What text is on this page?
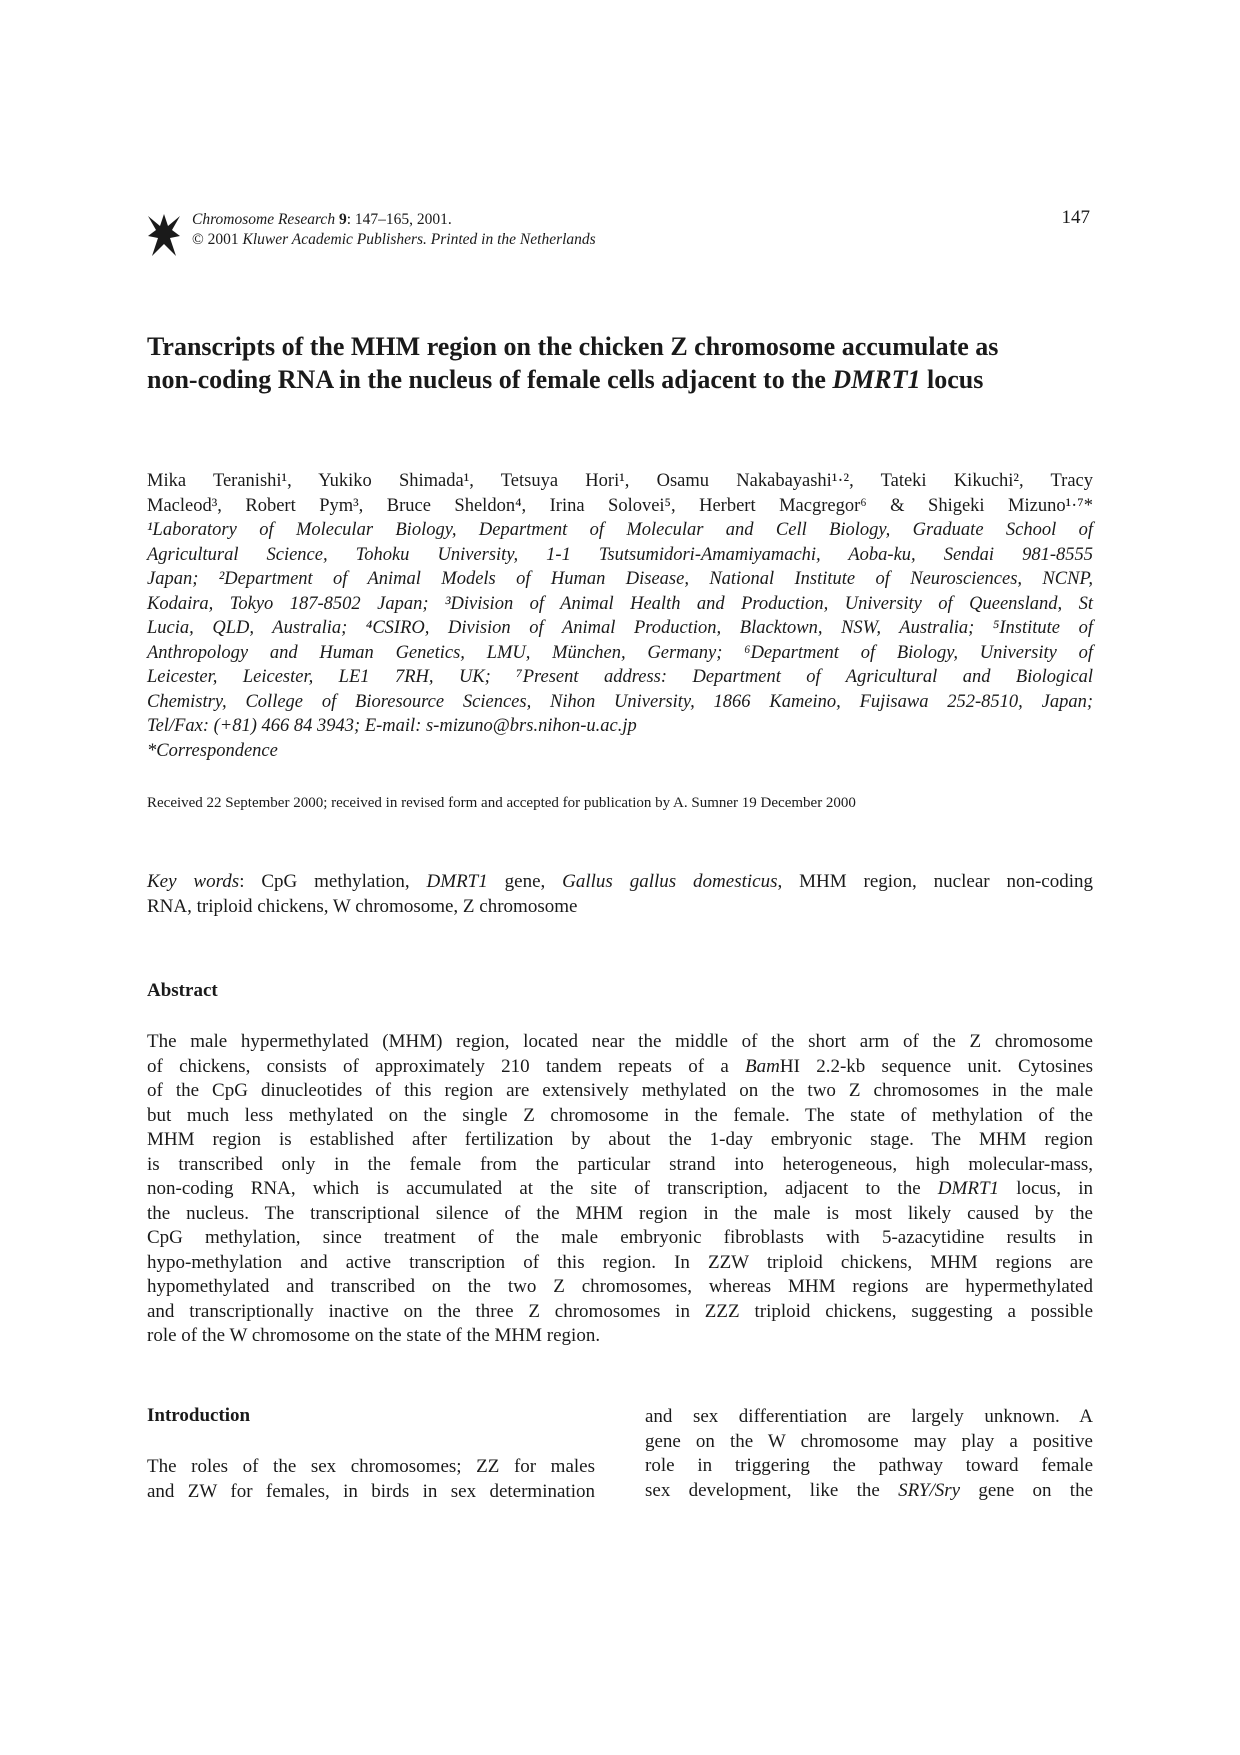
Chromosome Research 9: 147–165, 2001.
© 2001 Kluwer Academic Publishers. Printed in the Netherlands
147
Transcripts of the MHM region on the chicken Z chromosome accumulate as
non-coding RNA in the nucleus of female cells adjacent to the DMRT1 locus
Mika Teranishi¹, Yukiko Shimada¹, Tetsuya Hori¹, Osamu Nakabayashi¹·², Tateki Kikuchi², Tracy
Macleod³, Robert Pym³, Bruce Sheldon⁴, Irina Solovei⁵, Herbert Macgregor⁶ & Shigeki Mizuno¹·⁷*
¹Laboratory of Molecular Biology, Department of Molecular and Cell Biology, Graduate School of
Agricultural Science, Tohoku University, 1-1 Tsutsumidori-Amamiyamachi, Aoba-ku, Sendai 981-8555
Japan; ²Department of Animal Models of Human Disease, National Institute of Neurosciences, NCNP,
Kodaira, Tokyo 187-8502 Japan; ³Division of Animal Health and Production, University of Queensland, St
Lucia, QLD, Australia; ⁴CSIRO, Division of Animal Production, Blacktown, NSW, Australia; ⁵Institute of
Anthropology and Human Genetics, LMU, München, Germany; ⁶Department of Biology, University of
Leicester, Leicester, LE1 7RH, UK; ⁷Present address: Department of Agricultural and Biological
Chemistry, College of Bioresource Sciences, Nihon University, 1866 Kameino, Fujisawa 252-8510, Japan;
Tel/Fax: (+81) 466 84 3943; E-mail: s-mizuno@brs.nihon-u.ac.jp
*Correspondence
Received 22 September 2000; received in revised form and accepted for publication by A. Sumner 19 December 2000
Key words: CpG methylation, DMRT1 gene, Gallus gallus domesticus, MHM region, nuclear non-coding
RNA, triploid chickens, W chromosome, Z chromosome
Abstract
The male hypermethylated (MHM) region, located near the middle of the short arm of the Z chromosome
of chickens, consists of approximately 210 tandem repeats of a BamHI 2.2-kb sequence unit. Cytosines
of the CpG dinucleotides of this region are extensively methylated on the two Z chromosomes in the male
but much less methylated on the single Z chromosome in the female. The state of methylation of the
MHM region is established after fertilization by about the 1-day embryonic stage. The MHM region
is transcribed only in the female from the particular strand into heterogeneous, high molecular-mass,
non-coding RNA, which is accumulated at the site of transcription, adjacent to the DMRT1 locus, in
the nucleus. The transcriptional silence of the MHM region in the male is most likely caused by the
CpG methylation, since treatment of the male embryonic fibroblasts with 5-azacytidine results in
hypo-methylation and active transcription of this region. In ZZW triploid chickens, MHM regions are
hypomethylated and transcribed on the two Z chromosomes, whereas MHM regions are hypermethylated
and transcriptionally inactive on the three Z chromosomes in ZZZ triploid chickens, suggesting a possible
role of the W chromosome on the state of the MHM region.
Introduction
The roles of the sex chromosomes; ZZ for males
and ZW for females, in birds in sex determination
and sex differentiation are largely unknown. A
gene on the W chromosome may play a positive
role in triggering the pathway toward female
sex development, like the SRY/Sry gene on the
